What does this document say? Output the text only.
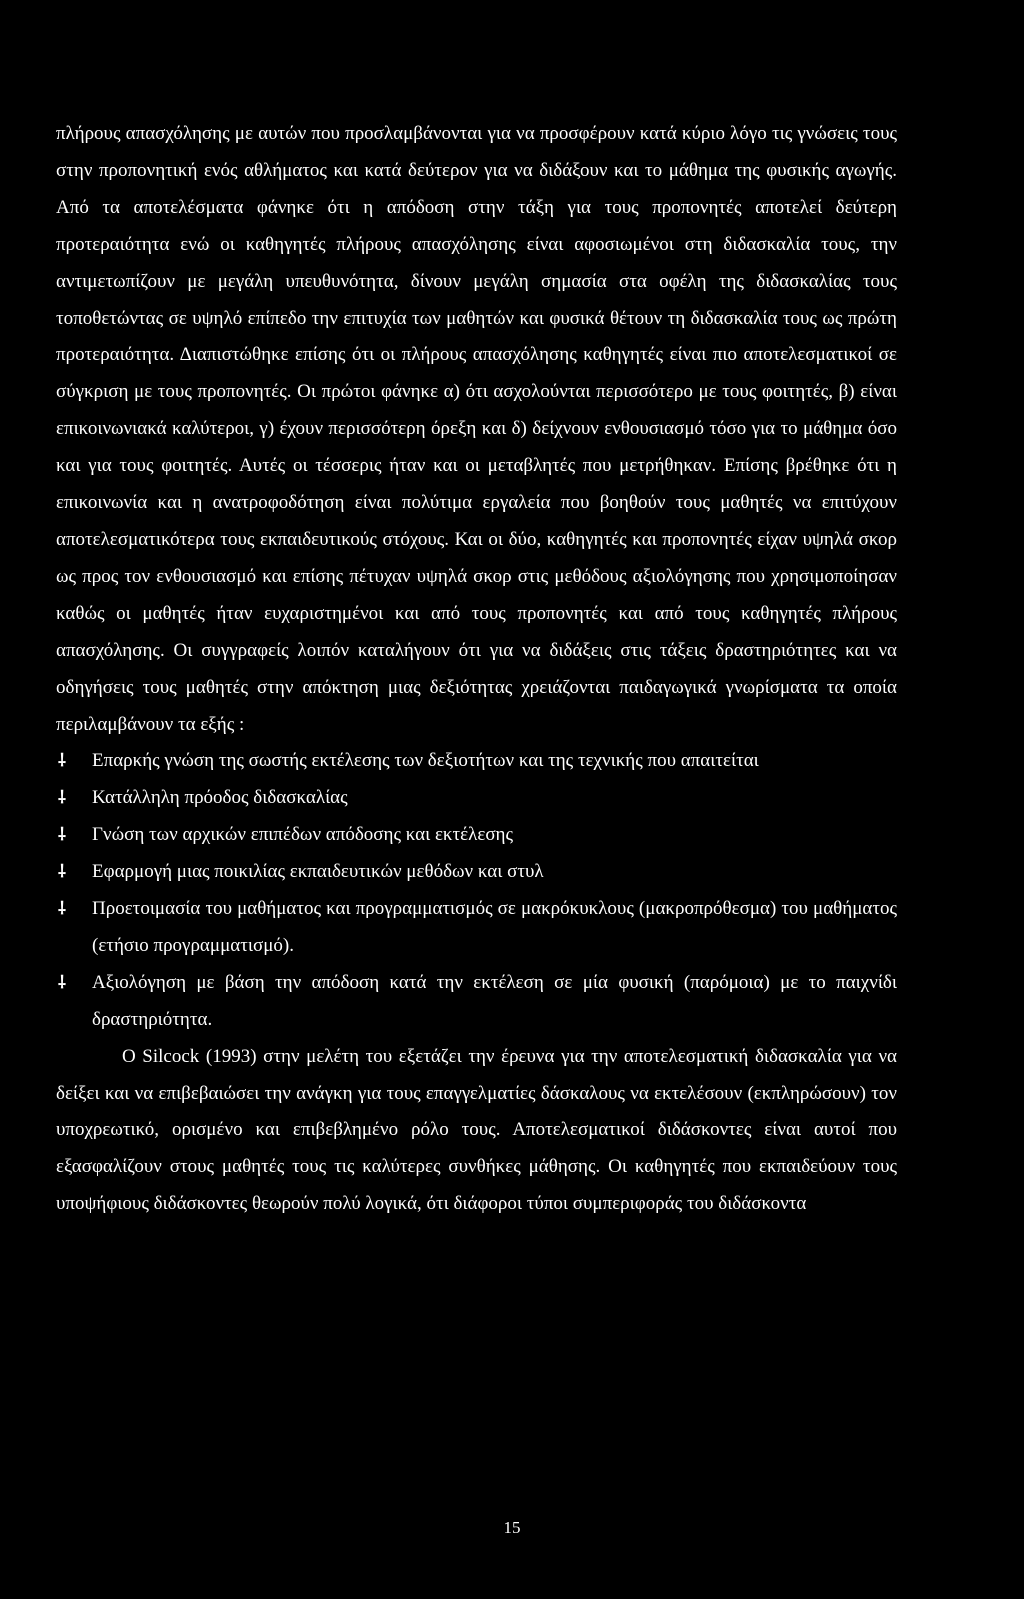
πλήρους απασχόλησης με αυτών που προσλαμβάνονται για να προσφέρουν κατά κύριο λόγο τις γνώσεις τους στην προπονητική ενός αθλήματος και κατά δεύτερον για να διδάξουν και το μάθημα της φυσικής αγωγής. Από τα αποτελέσματα φάνηκε ότι η απόδοση στην τάξη για τους προπονητές αποτελεί δεύτερη προτεραιότητα ενώ οι καθηγητές πλήρους απασχόλησης είναι αφοσιωμένοι στη διδασκαλία τους, την αντιμετωπίζουν με μεγάλη υπευθυνότητα, δίνουν μεγάλη σημασία στα οφέλη της διδασκαλίας τους τοποθετώντας σε υψηλό επίπεδο την επιτυχία των μαθητών και φυσικά θέτουν τη διδασκαλία τους ως πρώτη προτεραιότητα. Διαπιστώθηκε επίσης ότι οι πλήρους απασχόλησης καθηγητές είναι πιο αποτελεσματικοί σε σύγκριση με τους προπονητές. Οι πρώτοι φάνηκε α) ότι ασχολούνται περισσότερο με τους φοιτητές, β) είναι επικοινωνιακά καλύτεροι, γ) έχουν περισσότερη όρεξη και δ) δείχνουν ενθουσιασμό τόσο για το μάθημα όσο και για τους φοιτητές. Αυτές οι τέσσερις ήταν και οι μεταβλητές που μετρήθηκαν. Επίσης βρέθηκε ότι η επικοινωνία και η ανατροφοδότηση είναι πολύτιμα εργαλεία που βοηθούν τους μαθητές να επιτύχουν αποτελεσματικότερα τους εκπαιδευτικούς στόχους. Και οι δύο, καθηγητές και προπονητές είχαν υψηλά σκορ ως προς τον ενθουσιασμό και επίσης πέτυχαν υψηλά σκορ στις μεθόδους αξιολόγησης που χρησιμοποίησαν καθώς οι μαθητές ήταν ευχαριστημένοι και από τους προπονητές και από τους καθηγητές πλήρους απασχόλησης. Οι συγγραφείς λοιπόν καταλήγουν ότι για να διδάξεις στις τάξεις δραστηριότητες και να οδηγήσεις τους μαθητές στην απόκτηση μιας δεξιότητας χρειάζονται παιδαγωγικά γνωρίσματα τα οποία περιλαμβάνουν τα εξής :

⸸ Επαρκής γνώση της σωστής εκτέλεσης των δεξιοτήτων και της τεχνικής που απαιτείται
⸸ Κατάλληλη πρόοδος διδασκαλίας
⸸ Γνώση των αρχικών επιπέδων απόδοσης και εκτέλεσης
⸸ Εφαρμογή μιας ποικιλίας εκπαιδευτικών μεθόδων και στυλ
⸸ Προετοιμασία του μαθήματος και προγραμματισμός σε μακρόκυκλους (μακροπρόθεσμα) του μαθήματος (ετήσιο προγραμματισμό).
⸸ Αξιολόγηση με βάση την απόδοση κατά την εκτέλεση σε μία φυσική (παρόμοια) με το παιχνίδι δραστηριότητα.

Ο Silcock (1993) στην μελέτη του εξετάζει την έρευνα για την αποτελεσματική διδασκαλία για να δείξει και να επιβεβαιώσει την ανάγκη για τους επαγγελματίες δάσκαλους να εκτελέσουν (εκπληρώσουν) τον υποχρεωτικό, ορισμένο και επιβεβλημένο ρόλο τους. Αποτελεσματικοί διδάσκοντες είναι αυτοί που εξασφαλίζουν στους μαθητές τους τις καλύτερες συνθήκες μάθησης. Οι καθηγητές που εκπαιδεύουν τους υποψήφιους διδάσκοντες θεωρούν πολύ λογικά, ότι διάφοροι τύποι συμπεριφοράς του διδάσκοντα

15
